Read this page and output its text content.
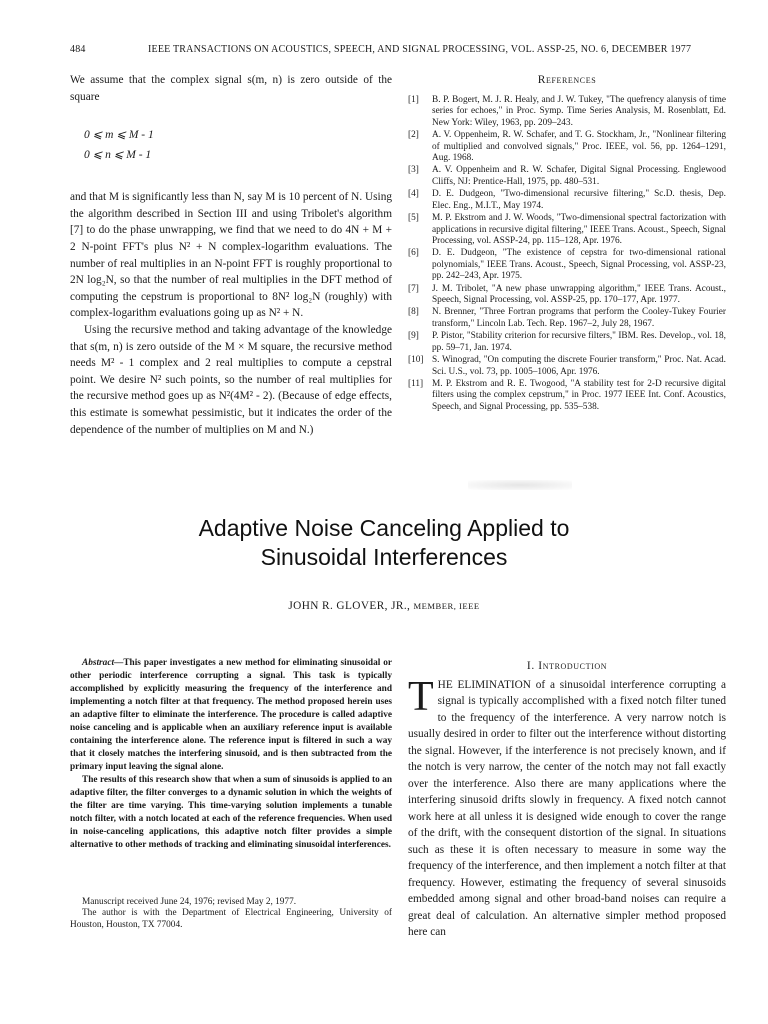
484	IEEE TRANSACTIONS ON ACOUSTICS, SPEECH, AND SIGNAL PROCESSING, VOL. ASSP-25, NO. 6, DECEMBER 1977

We assume that the complex signal s(m, n) is zero outside of the square

0 ⩽ m ⩽ M - 1

0 ⩽ n ⩽ M - 1

and that M is significantly less than N, say M is 10 percent of N. Using the algorithm described in Section III and using Tribolet's algorithm [7] to do the phase unwrapping, we find that we need to do 4N + M + 2 N-point FFT's plus N² + N complex-logarithm evaluations. The number of real multiplies in an N-point FFT is roughly proportional to 2N log₂N, so that the number of real multiplies in the DFT method of computing the cepstrum is proportional to 8N² log₂N (roughly) with complex-logarithm evaluations going up as N² + N.

Using the recursive method and taking advantage of the knowledge that s(m, n) is zero outside of the M × M square, the recursive method needs M² - 1 complex and 2 real multiplies to compute a cepstral point. We desire N² such points, so the number of real multiplies for the recursive method goes up as N²(4M² - 2). (Because of edge effects, this estimate is somewhat pessimistic, but it indicates the order of the dependence of the number of multiplies on M and N.)

References
[1]	B. P. Bogert, M. J. R. Healy, and J. W. Tukey, "The quefrency alanysis of time series for echoes," in Proc. Symp. Time Series Analysis, M. Rosenblatt, Ed. New York: Wiley, 1963, pp. 209–243.
[2]	A. V. Oppenheim, R. W. Schafer, and T. G. Stockham, Jr., "Nonlinear filtering of multiplied and convolved signals," Proc. IEEE, vol. 56, pp. 1264–1291, Aug. 1968.
[3]	A. V. Oppenheim and R. W. Schafer, Digital Signal Processing. Englewood Cliffs, NJ: Prentice-Hall, 1975, pp. 480–531.
[4]	D. E. Dudgeon, "Two-dimensional recursive filtering," Sc.D. thesis, Dep. Elec. Eng., M.I.T., May 1974.
[5]	M. P. Ekstrom and J. W. Woods, "Two-dimensional spectral factorization with applications in recursive digital filtering," IEEE Trans. Acoust., Speech, Signal Processing, vol. ASSP-24, pp. 115–128, Apr. 1976.
[6]	D. E. Dudgeon, "The existence of cepstra for two-dimensional rational polynomials," IEEE Trans. Acoust., Speech, Signal Processing, vol. ASSP-23, pp. 242–243, Apr. 1975.
[7]	J. M. Tribolet, "A new phase unwrapping algorithm," IEEE Trans. Acoust., Speech, Signal Processing, vol. ASSP-25, pp. 170–177, Apr. 1977.
[8]	N. Brenner, "Three Fortran programs that perform the Cooley-Tukey Fourier transform," Lincoln Lab. Tech. Rep. 1967–2, July 28, 1967.
[9]	P. Pistor, "Stability criterion for recursive filters," IBM. Res. Develop., vol. 18, pp. 59–71, Jan. 1974.
[10] S. Winograd, "On computing the discrete Fourier transform," Proc. Nat. Acad. Sci. U.S., vol. 73, pp. 1005–1006, Apr. 1976.
[11] M. P. Ekstrom and R. E. Twogood, "A stability test for 2-D recursive digital filters using the complex cepstrum," in Proc. 1977 IEEE Int. Conf. Acoustics, Speech, and Signal Processing, pp. 535–538.
Adaptive Noise Canceling Applied to
Sinusoidal Interferences
JOHN R. GLOVER, JR., MEMBER, IEEE

Abstract—This paper investigates a new method for eliminating sinusoidal or other periodic interference corrupting a signal. This task is typically accomplished by explicitly measuring the frequency of the interference and implementing a notch filter at that frequency. The method proposed herein uses an adaptive filter to eliminate the interference. The procedure is called adaptive noise canceling and is applicable when an auxiliary reference input is available containing the interference alone. The reference input is filtered in such a way that it closely matches the interfering sinusoid, and is then subtracted from the primary input leaving the signal alone.

The results of this research show that when a sum of sinusoids is applied to an adaptive filter, the filter converges to a dynamic solution in which the weights of the filter are time varying. This time-varying solution implements a tunable notch filter, with a notch located at each of the reference frequencies. When used in noise-canceling applications, this adaptive notch filter provides a simple alternative to other methods of tracking and eliminating sinusoidal interferences.

Manuscript received June 24, 1976; revised May 2, 1977.

The author is with the Department of Electrical Engineering, University of Houston, Houston, TX 77004.

I. Introduction

THE ELIMINATION of a sinusoidal interference corrupting a signal is typically accomplished with a fixed notch filter tuned to the frequency of the interference. A very narrow notch is usually desired in order to filter out the interference without distorting the signal. However, if the interference is not precisely known, and if the notch is very narrow, the center of the notch may not fall exactly over the interference. Also there are many applications where the interfering sinusoid drifts slowly in frequency. A fixed notch cannot work here at all unless it is designed wide enough to cover the range of the drift, with the consequent distortion of the signal. In situations such as these it is often necessary to measure in some way the frequency of the interference, and then implement a notch filter at that frequency. However, estimating the frequency of several sinusoids embedded among signal and other broad-band noises can require a great deal of calculation. An alternative simpler method proposed here can
